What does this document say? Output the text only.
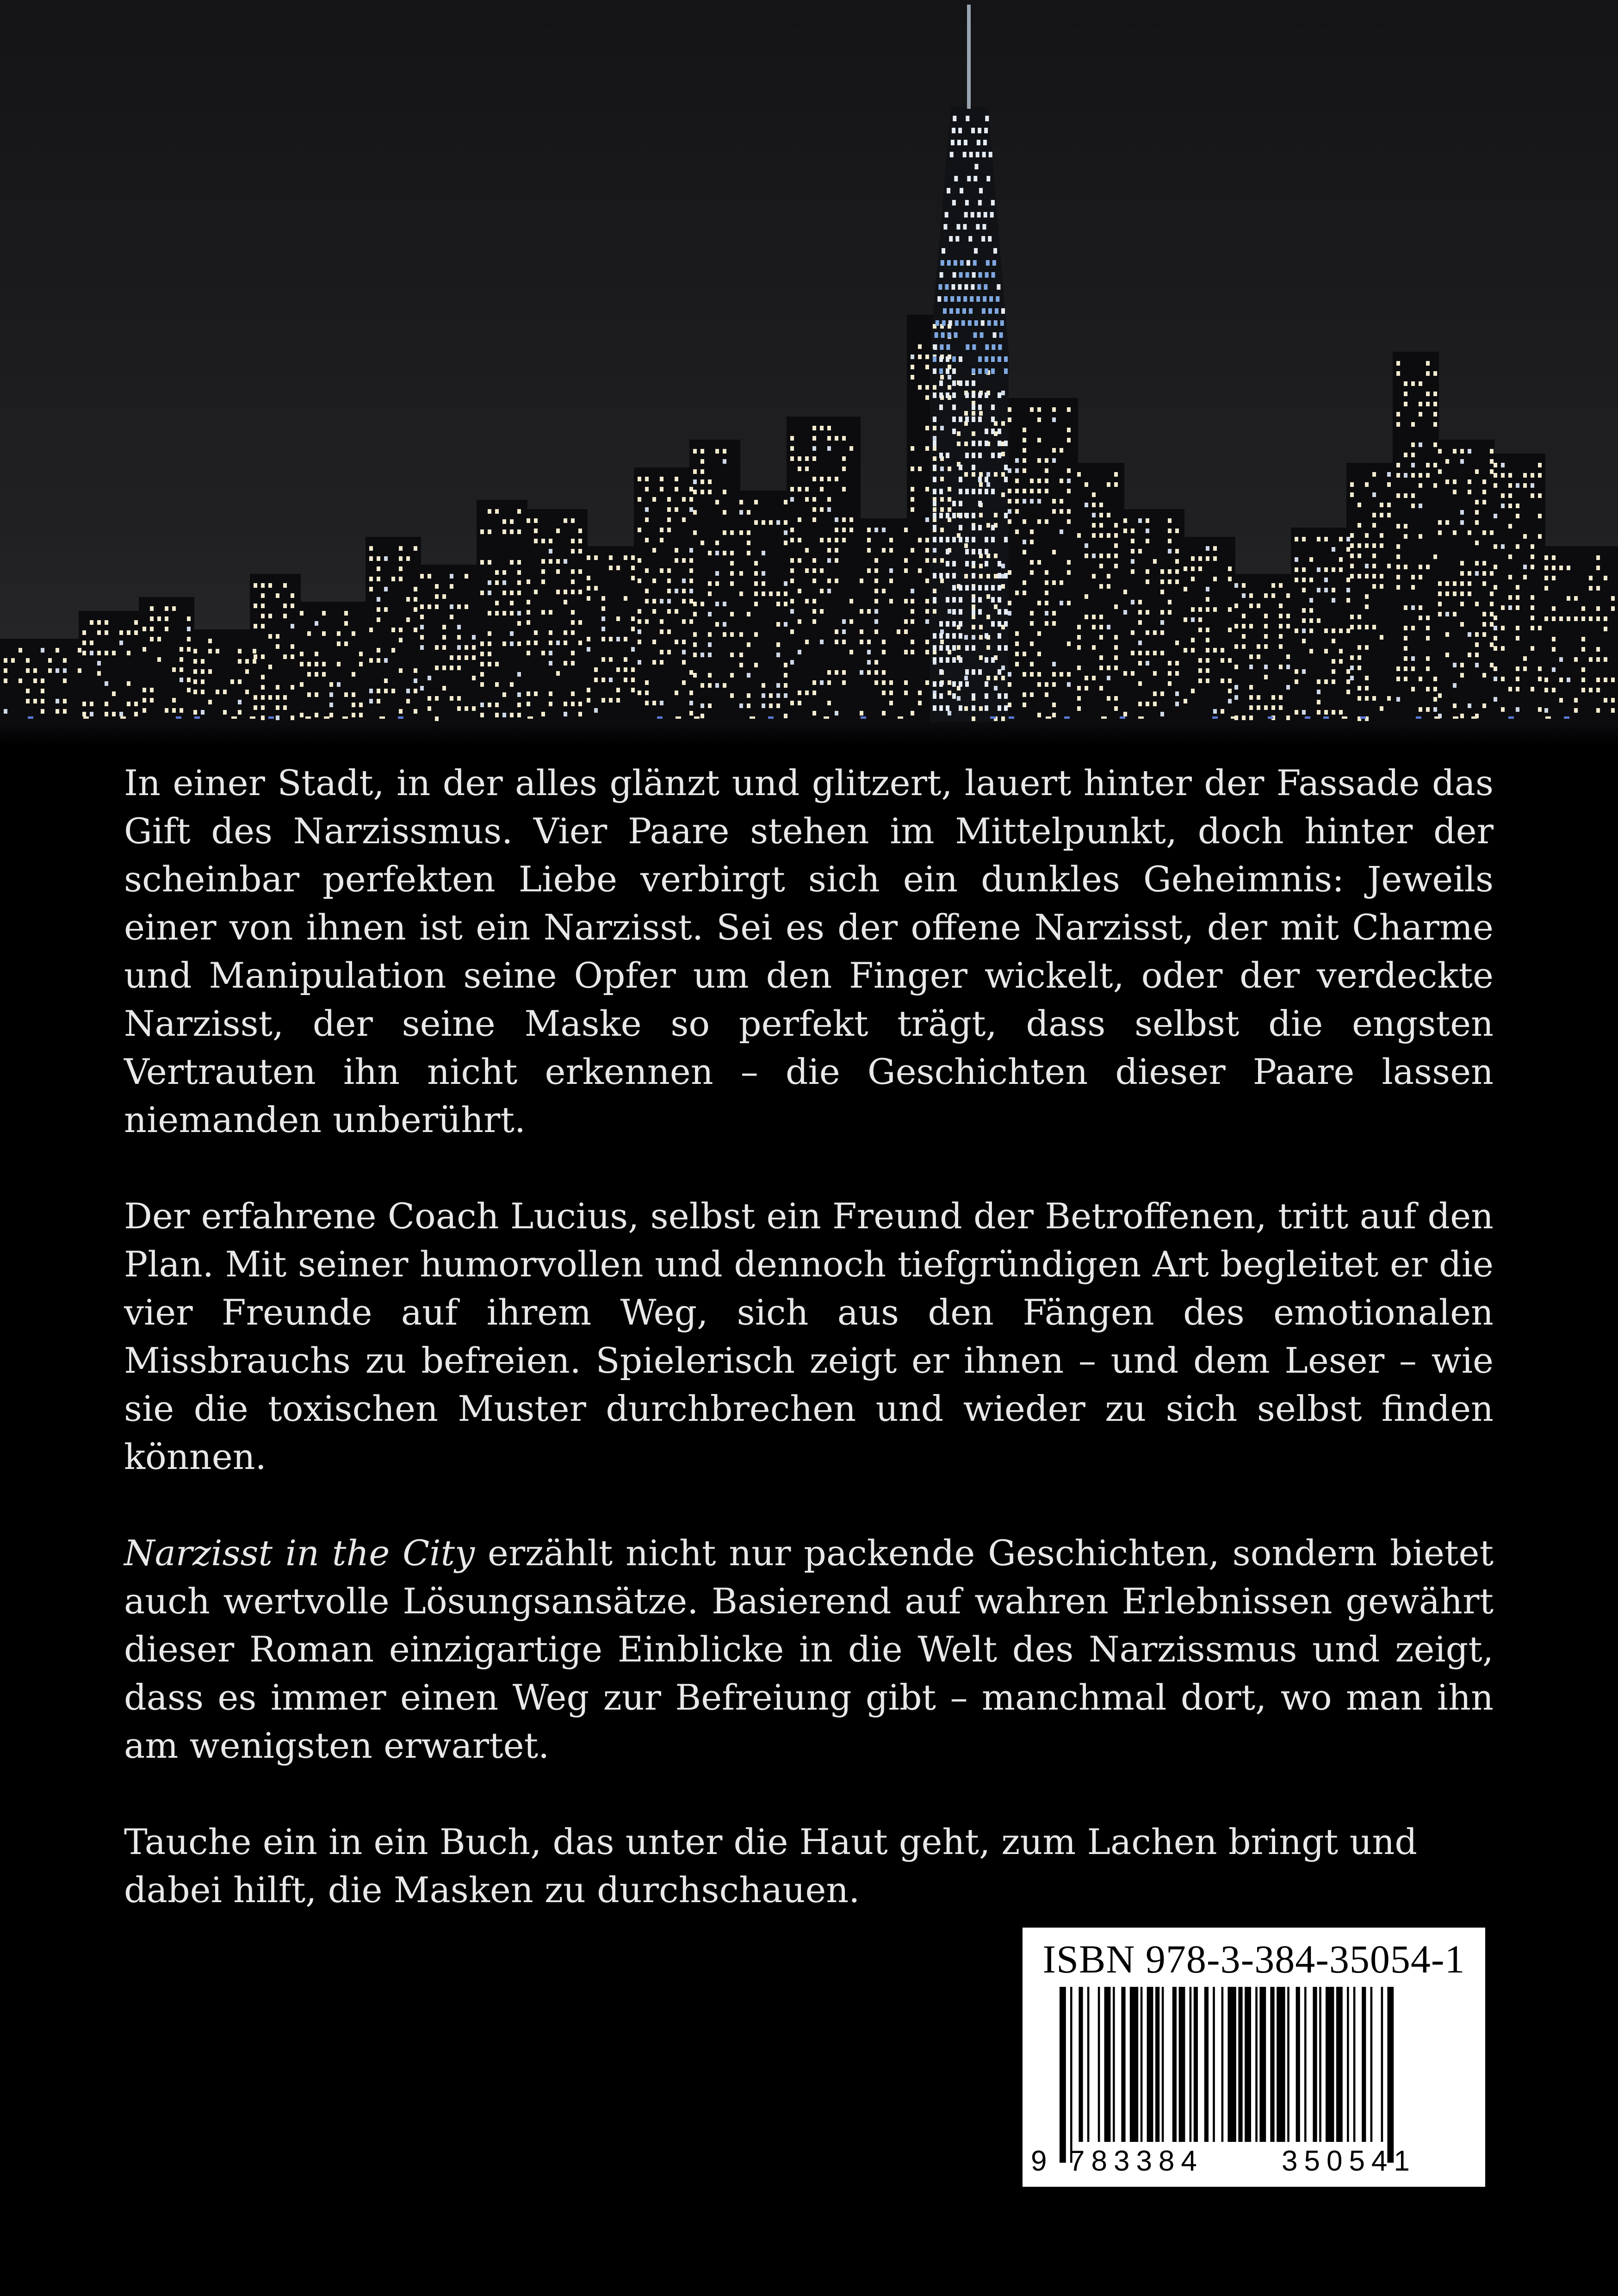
In einer Stadt, in der alles glänzt und glitzert, lauert hinter der Fassade das Gift des Narzissmus. Vier Paare stehen im Mittelpunkt, doch hinter der scheinbar perfekten Liebe verbirgt sich ein dunkles Geheimnis: Jeweils einer von ihnen ist ein Narzisst. Sei es der offene Narzisst, der mit Charme und Manipulation seine Opfer um den Finger wickelt, oder der verdeckte Narzisst, der seine Maske so perfekt trägt, dass selbst die engsten Vertrauten ihn nicht erkennen – die Geschichten dieser Paare lassen niemanden unberührt.

Der erfahrene Coach Lucius, selbst ein Freund der Betroffenen, tritt auf den Plan. Mit seiner humorvollen und dennoch tiefgründigen Art begleitet er die vier Freunde auf ihrem Weg, sich aus den Fängen des emotionalen Missbrauchs zu befreien. Spielerisch zeigt er ihnen – und dem Leser – wie sie die toxischen Muster durchbrechen und wieder zu sich selbst finden können.

Narzisst in the City erzählt nicht nur packende Geschichten, sondern bietet auch wertvolle Lösungsansätze. Basierend auf wahren Erlebnissen gewährt dieser Roman einzigartige Einblicke in die Welt des Narzissmus und zeigt, dass es immer einen Weg zur Befreiung gibt – manchmal dort, wo man ihn am wenigsten erwartet.

Tauche ein in ein Buch, das unter die Haut geht, zum Lachen bringt und dabei hilft, die Masken zu durchschauen.

ISBN 978-3-384-35054-1
9 783384	350541
